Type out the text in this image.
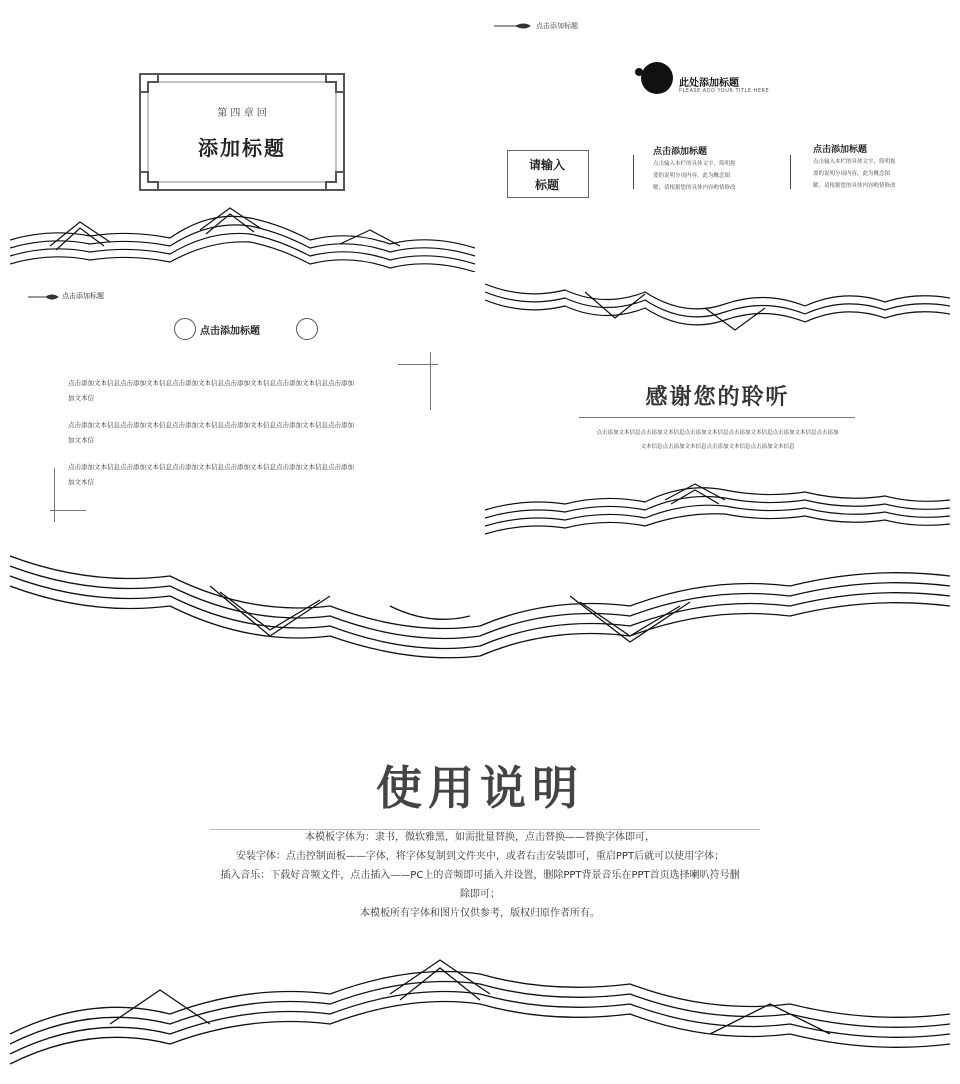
点击添加标题
第 四 章 回
添加标题
此处添加标题
PLEASE ADD YOUR TITLE HERE
请输入
标题
点击添加标题
点击输入本栏的具体文字，简明扼
要的说明分项内容，此为概念图
解，请根据您的具体内容酌情修改
点击添加标题
点击输入本栏的具体文字，简明扼
要的说明分项内容，此为概念图
解，请根据您的具体内容酌情修改
点击添加标题
点击添加标题
点击添加文本信息点击添加文本信息点击添加文本信息点击添加文本信息点击添加文本信息点击添加
加文本信
点击添加文本信息点击添加文本信息点击添加文本信息点击添加文本信息点击添加文本信息点击添加
加文本信
点击添加文本信息点击添加文本信息点击添加文本信息点击添加文本信息点击添加文本信息点击添加
加文本信
感谢您的聆听
点击添加文本信息点击添加文本信息点击添加文本信息点击添加文本信息点击添加文本信息点击添加
文本信息点击添加文本信息点击添加文本信息点击添加文本信息
使用说明
本模板字体为：隶书，微软雅黑，如需批量替换，点击替换——替换字体即可，
安装字体：点击控制面板——字体，将字体复制到文件夹中，或者右击安装即可，重启PPT后就可以使用字体；
插入音乐：下载好音频文件，点击插入——PC上的音频即可插入并设置，删除PPT背景音乐在PPT首页选择喇叭符号删
除即可；
本模板所有字体和图片仅供参考，版权归原作者所有。
